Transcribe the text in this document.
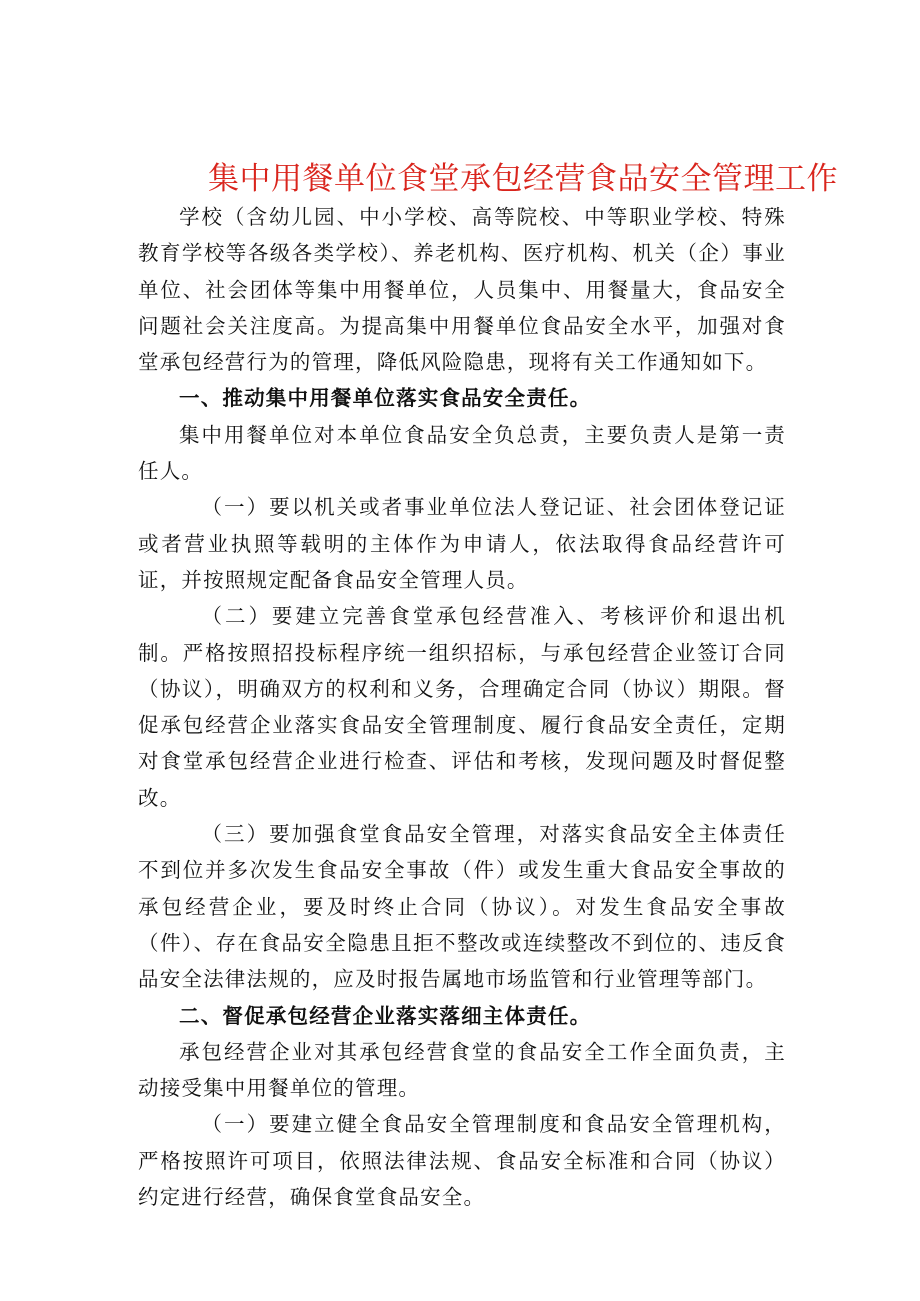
集中用餐单位食堂承包经营食品安全管理工作

学校（含幼儿园、中小学校、高等院校、中等职业学校、特殊教育学校等各级各类学校）、养老机构、医疗机构、机关（企）事业单位、社会团体等集中用餐单位，人员集中、用餐量大，食品安全问题社会关注度高。为提高集中用餐单位食品安全水平，加强对食堂承包经营行为的管理，降低风险隐患，现将有关工作通知如下。

一、推动集中用餐单位落实食品安全责任。

集中用餐单位对本单位食品安全负总责，主要负责人是第一责任人。

（一）要以机关或者事业单位法人登记证、社会团体登记证或者营业执照等载明的主体作为申请人，依法取得食品经营许可证，并按照规定配备食品安全管理人员。

（二）要建立完善食堂承包经营准入、考核评价和退出机制。严格按照招投标程序统一组织招标，与承包经营企业签订合同（协议），明确双方的权利和义务，合理确定合同（协议）期限。督促承包经营企业落实食品安全管理制度、履行食品安全责任，定期对食堂承包经营企业进行检查、评估和考核，发现问题及时督促整改。

（三）要加强食堂食品安全管理，对落实食品安全主体责任不到位并多次发生食品安全事故（件）或发生重大食品安全事故的承包经营企业，要及时终止合同（协议）。对发生食品安全事故（件）、存在食品安全隐患且拒不整改或连续整改不到位的、违反食品安全法律法规的，应及时报告属地市场监管和行业管理等部门。

二、督促承包经营企业落实落细主体责任。

承包经营企业对其承包经营食堂的食品安全工作全面负责，主动接受集中用餐单位的管理。

（一）要建立健全食品安全管理制度和食品安全管理机构，严格按照许可项目，依照法律法规、食品安全标准和合同（协议）约定进行经营，确保食堂食品安全。
